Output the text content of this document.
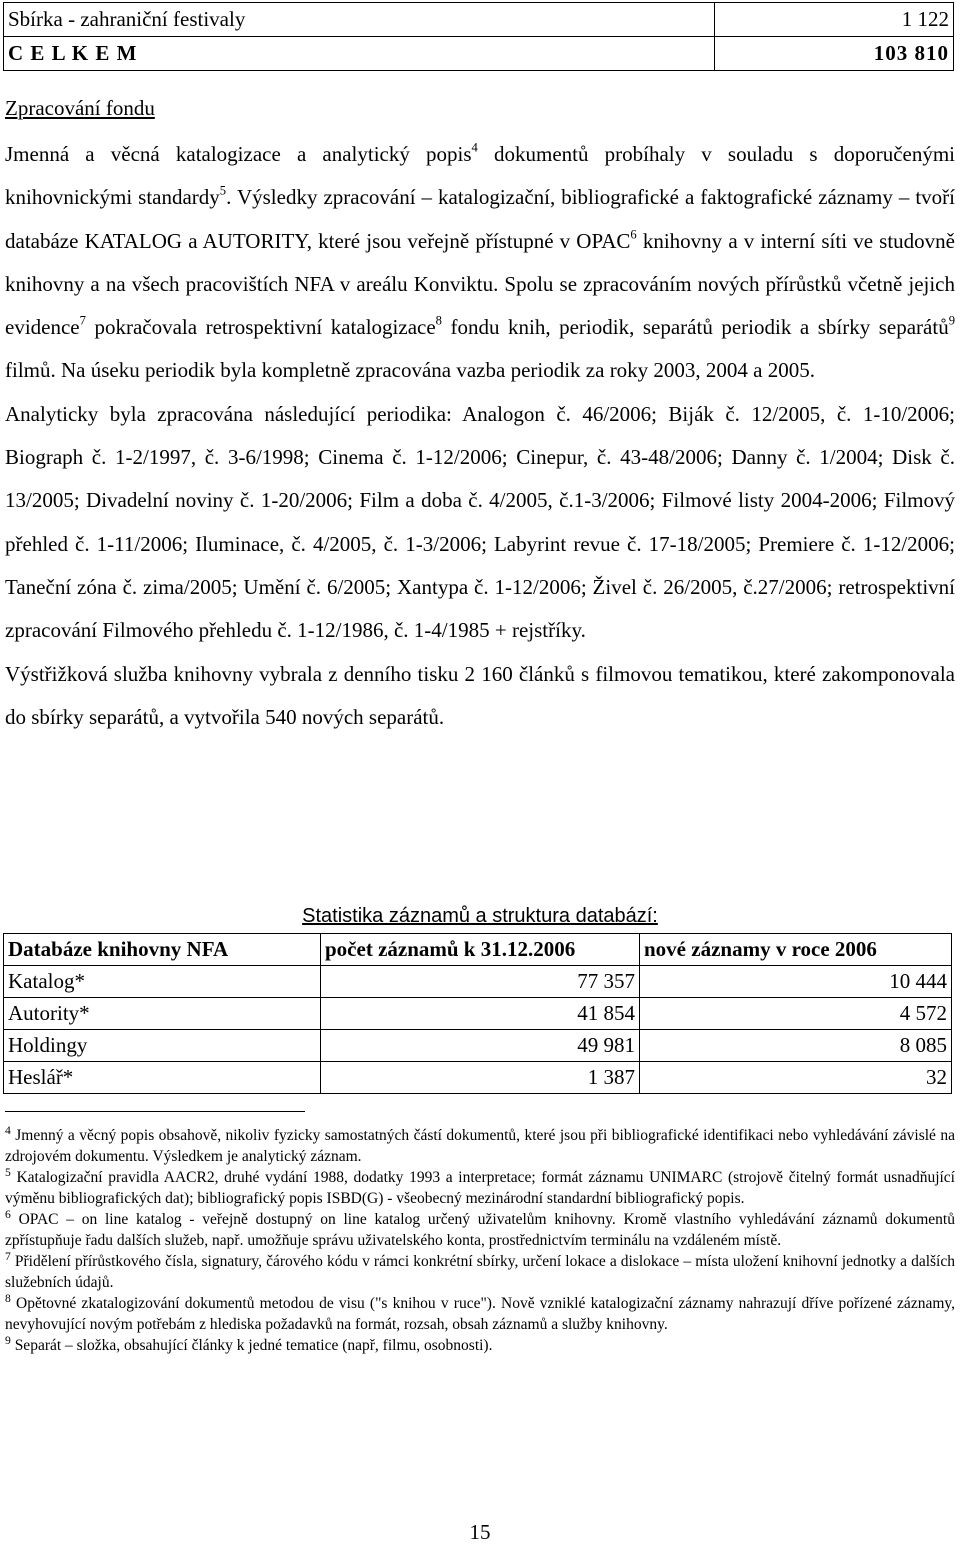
Sbírka - zahraniční festivaly	1 122
C E L K E M	103 810
Zpracování fondu

Jmenná a věcná katalogizace a analytický popis$^4$ dokumentů probíhaly v souladu s doporučenými knihovnickými standardy$^5$. Výsledky zpracování – katalogizační, bibliografické a faktografické záznamy – tvoří databáze KATALOG a AUTORITY, které jsou veřejně přístupné v OPAC$^6$ knihovny a v interní síti ve studovně knihovny a na všech pracovištích NFA v areálu Konviktu. Spolu se zpracováním nových přírůstků včetně jejich evidence$^7$ pokračovala retrospektivní katalogizace$^8$ fondu knih, periodik, separátů periodik a sbírky separátů$^9$ filmů. Na úseku periodik byla kompletně zpracována vazba periodik za roky 2003, 2004 a 2005.

Analyticky byla zpracována následující periodika: Analogon č. 46/2006; Biják č. 12/2005, č. 1-10/2006; Biograph č. 1-2/1997, č. 3-6/1998; Cinema č. 1-12/2006; Cinepur, č. 43-48/2006; Danny č. 1/2004; Disk č. 13/2005; Divadelní noviny č. 1-20/2006; Film a doba č. 4/2005, č.1-3/2006; Filmové listy 2004-2006; Filmový přehled č. 1-11/2006; Iluminace, č. 4/2005, č. 1-3/2006; Labyrint revue č. 17-18/2005; Premiere č. 1-12/2006; Taneční zóna č. zima/2005; Umění č. 6/2005; Xantypa č. 1-12/2006; Živel č. 26/2005, č.27/2006; retrospektivní zpracování Filmového přehledu č. 1-12/1986, č. 1-4/1985 + rejstříky.

Výstřižková služba knihovny vybrala z denního tisku 2 160 článků s filmovou tematikou, které zakomponovala do sbírky separátů, a vytvořila 540 nových separátů.

Statistika záznamů a struktura databází:
Databáze knihovny NFA	počet záznamů k 31.12.2006	nové záznamy v roce 2006
Katalog*	77 357	10 444
Autority*	41 854	4 572
Holdingy	49 981	8 085
Heslář*	1 387	32

$^4$ Jmenný a věcný popis obsahově, nikoliv fyzicky samostatných částí dokumentů, které jsou při bibliografické identifikaci nebo vyhledávání závislé na zdrojovém dokumentu. Výsledkem je analytický záznam.

$^5$ Katalogizační pravidla AACR2, druhé vydání 1988, dodatky 1993 a interpretace; formát záznamu UNIMARC (strojově čitelný formát usnadňující výměnu bibliografických dat); bibliografický popis ISBD(G) - všeobecný mezinárodní standardní bibliografický popis.

$^6$ OPAC – on line katalog - veřejně dostupný on line katalog určený uživatelům knihovny. Kromě vlastního vyhledávání záznamů dokumentů zpřístupňuje řadu dalších služeb, např. umožňuje správu uživatelského konta, prostřednictvím terminálu na vzdáleném místě.

$^7$ Přidělení přírůstkového čísla, signatury, čárového kódu v rámci konkrétní sbírky, určení lokace a dislokace – místa uložení knihovní jednotky a dalších služebních údajů.

$^8$ Opětovné zkatalogizování dokumentů metodou de visu ("s knihou v ruce"). Nově vzniklé katalogizační záznamy nahrazují dříve pořízené záznamy, nevyhovující novým potřebám z hlediska požadavků na formát, rozsah, obsah záznamů a služby knihovny.

$^9$ Separát – složka, obsahující články k jedné tematice (např, filmu, osobnosti).

15
